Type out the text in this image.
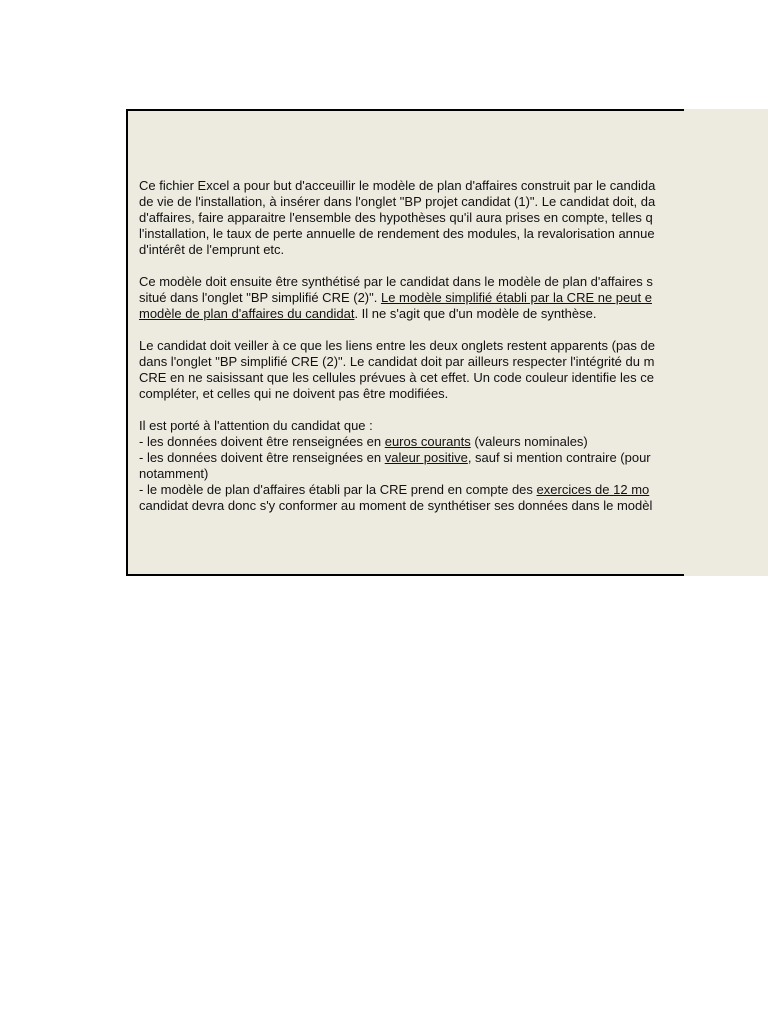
Ce fichier Excel a pour but d'acceuillir le modèle de plan d'affaires construit par le candida
de vie de l'installation, à insérer dans l'onglet "BP projet candidat (1)". Le candidat doit, da
d'affaires, faire apparaitre l'ensemble des hypothèses qu'il aura prises en compte, telles q
l'installation, le taux de perte annuelle de rendement des modules, la revalorisation annue
d'intérêt de l'emprunt etc.
Ce modèle doit ensuite être synthétisé par le candidat dans le modèle de plan d'affaires s
situé dans l'onglet "BP simplifié CRE (2)". Le modèle simplifié établi par la CRE ne peut e
modèle de plan d'affaires du candidat. Il ne s'agit que d'un modèle de synthèse.
Le candidat doit veiller à ce que les liens entre les deux onglets restent apparents (pas de
dans l'onglet "BP simplifié CRE (2)". Le candidat doit par ailleurs respecter l'intégrité du m
CRE en ne saisissant que les cellules prévues à cet effet. Un code couleur identifie les ce
compléter, et celles qui ne doivent pas être modifiées.
Il est porté à l'attention du candidat que :
- les données doivent être renseignées en euros courants (valeurs nominales)
- les données doivent être renseignées en valeur positive, sauf si mention contraire (pour
notamment)
- le modèle de plan d'affaires établi par la CRE prend en compte des exercices de 12 mo
candidat devra donc s'y conformer au moment de synthétiser ses données dans le modèl
